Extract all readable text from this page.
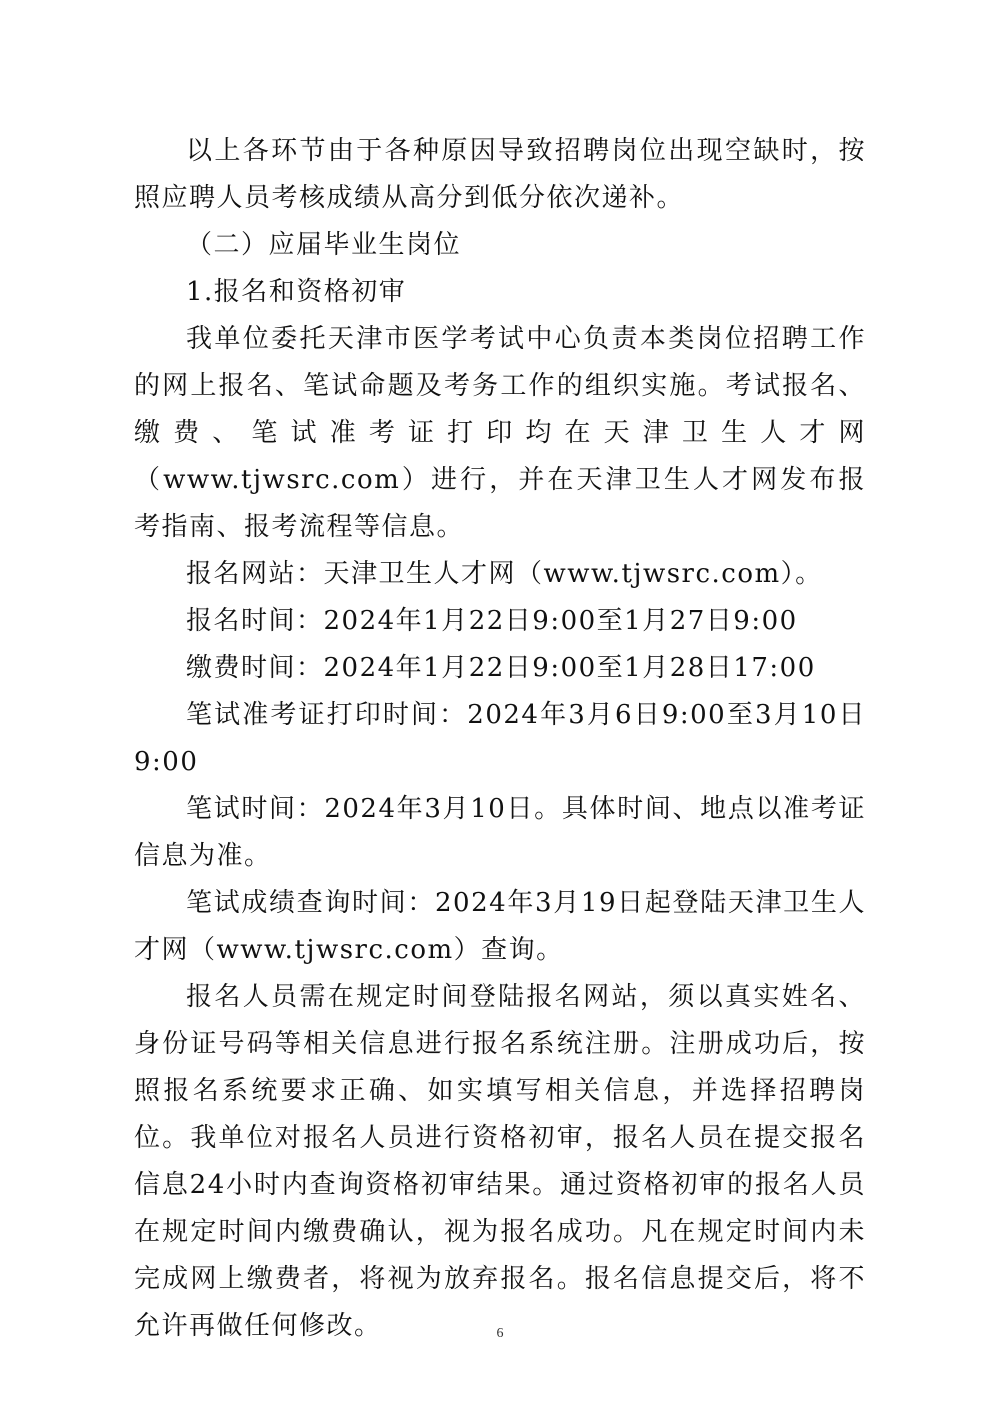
以上各环节由于各种原因导致招聘岗位出现空缺时，按照应聘人员考核成绩从高分到低分依次递补。

（二）应届毕业生岗位

1.报名和资格初审

我单位委托天津市医学考试中心负责本类岗位招聘工作的网上报名、笔试命题及考务工作的组织实施。考试报名、缴费、笔试准考证打印均在天津卫生人才网（www.tjwsrc.com）进行，并在天津卫生人才网发布报考指南、报考流程等信息。

报名网站：天津卫生人才网（www.tjwsrc.com）。

报名时间：2024年1月22日9:00至1月27日9:00

缴费时间：2024年1月22日9:00至1月28日17:00

笔试准考证打印时间：2024年3月6日9:00至3月10日9:00

笔试时间：2024年3月10日。具体时间、地点以准考证信息为准。

笔试成绩查询时间：2024年3月19日起登陆天津卫生人才网（www.tjwsrc.com）查询。

报名人员需在规定时间登陆报名网站，须以真实姓名、身份证号码等相关信息进行报名系统注册。注册成功后，按照报名系统要求正确、如实填写相关信息，并选择招聘岗位。我单位对报名人员进行资格初审，报名人员在提交报名信息24小时内查询资格初审结果。通过资格初审的报名人员在规定时间内缴费确认，视为报名成功。凡在规定时间内未完成网上缴费者，将视为放弃报名。报名信息提交后，将不允许再做任何修改。	6
